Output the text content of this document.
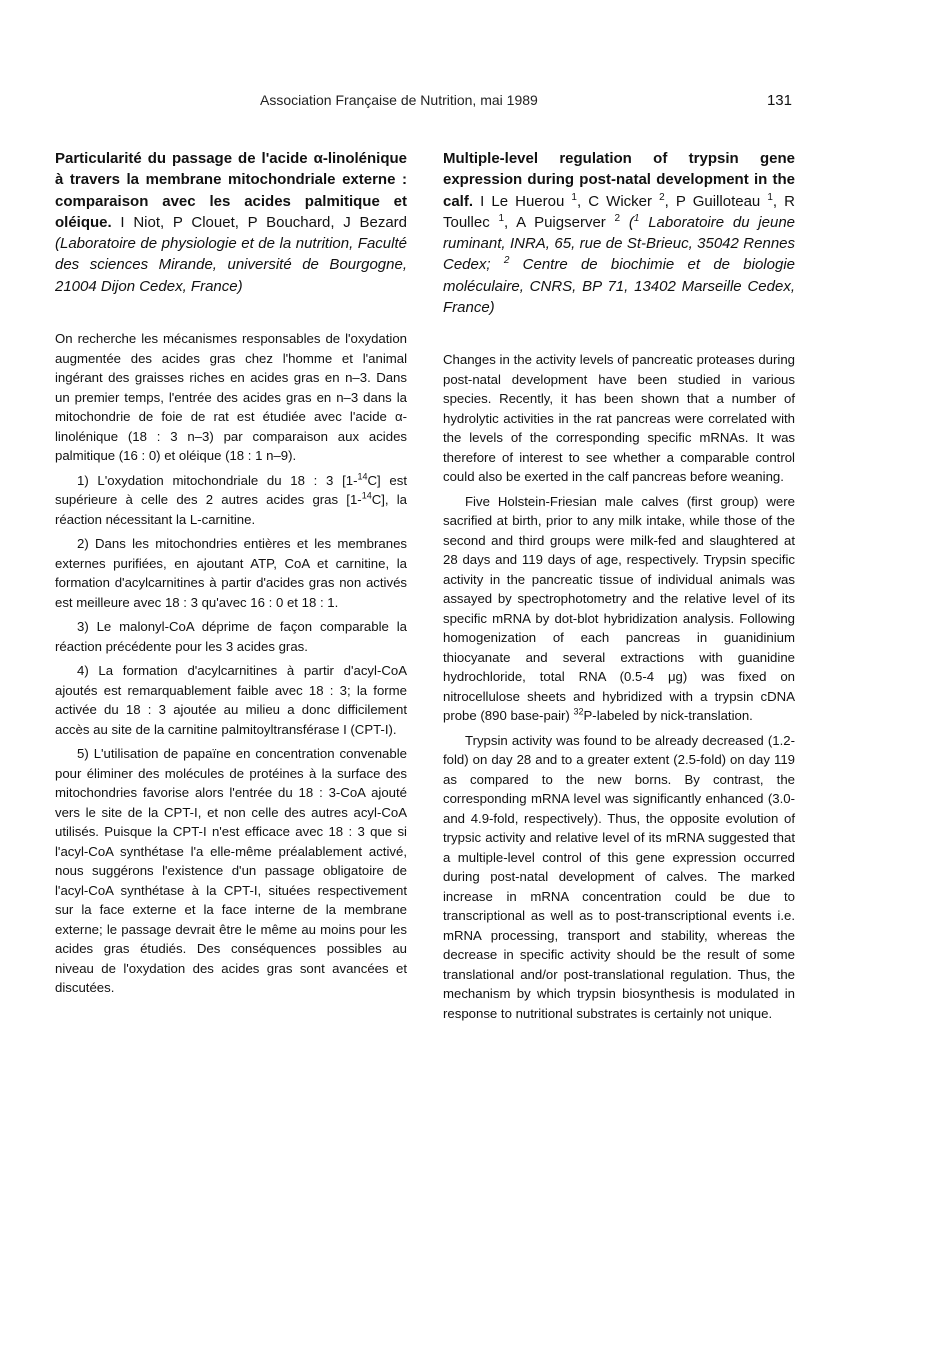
Association Française de Nutrition, mai 1989	131

Particularité du passage de l'acide α-linolénique à travers la membrane mitochondriale externe : comparaison avec les acides palmitique et oléique. I Niot, P Clouet, P Bouchard, J Bezard (Laboratoire de physiologie et de la nutrition, Faculté des sciences Mirande, université de Bourgogne, 21004 Dijon Cedex, France)

On recherche les mécanismes responsables de l'oxydation augmentée des acides gras chez l'homme et l'animal ingérant des graisses riches en acides gras en n–3. Dans un premier temps, l'entrée des acides gras en n–3 dans la mitochondrie de foie de rat est étudiée avec l'acide α-linolénique (18 : 3 n–3) par comparaison aux acides palmitique (16 : 0) et oléique (18 : 1 n–9).

1) L'oxydation mitochondriale du 18 : 3 [1-$^{14}$C] est supérieure à celle des 2 autres acides gras [1-$^{14}$C], la réaction nécessitant la L-carnitine.

2) Dans les mitochondries entières et les membranes externes purifiées, en ajoutant ATP, CoA et carnitine, la formation d'acylcarnitines à partir d'acides gras non activés est meilleure avec 18 : 3 qu'avec 16 : 0 et 18 : 1.

3) Le malonyl-CoA déprime de façon comparable la réaction précédente pour les 3 acides gras.

4) La formation d'acylcarnitines à partir d'acyl-CoA ajoutés est remarquablement faible avec 18 : 3; la forme activée du 18 : 3 ajoutée au milieu a donc difficilement accès au site de la carnitine palmitoyltransférase I (CPT-I).

5) L'utilisation de papaïne en concentration convenable pour éliminer des molécules de protéines à la surface des mitochondries favorise alors l'entrée du 18 : 3-CoA ajouté vers le site de la CPT-I, et non celle des autres acyl-CoA utilisés. Puisque la CPT-I n'est efficace avec 18 : 3 que si l'acyl-CoA synthétase l'a elle-même préalablement activé, nous suggérons l'existence d'un passage obligatoire de l'acyl-CoA synthétase à la CPT-I, situées respectivement sur la face externe et la face interne de la membrane externe; le passage devrait être le même au moins pour les acides gras étudiés. Des conséquences possibles au niveau de l'oxydation des acides gras sont avancées et discutées.

Multiple-level regulation of trypsin gene expression during post-natal development in the calf. I Le Huerou $^1$, C Wicker $^2$, P Guilloteau $^1$, R Toullec $^1$, A Puigserver $^2$ ($^1$ Laboratoire du jeune ruminant, INRA, 65, rue de St-Brieuc, 35042 Rennes Cedex; $^2$ Centre de biochimie et de biologie moléculaire, CNRS, BP 71, 13402 Marseille Cedex, France)

Changes in the activity levels of pancreatic proteases during post-natal development have been studied in various species. Recently, it has been shown that a number of hydrolytic activities in the rat pancreas were correlated with the levels of the corresponding specific mRNAs. It was therefore of interest to see whether a comparable control could also be exerted in the calf pancreas before weaning.

Five Holstein-Friesian male calves (first group) were sacrified at birth, prior to any milk intake, while those of the second and third groups were milk-fed and slaughtered at 28 days and 119 days of age, respectively. Trypsin specific activity in the pancreatic tissue of individual animals was assayed by spectrophotometry and the relative level of its specific mRNA by dot-blot hybridization analysis. Following homogenization of each pancreas in guanidinium thiocyanate and several extractions with guanidine hydrochloride, total RNA (0.5-4 μg) was fixed on nitrocellulose sheets and hybridized with a trypsin cDNA probe (890 base-pair) $^{32}$P-labeled by nick-translation.

Trypsin activity was found to be already decreased (1.2-fold) on day 28 and to a greater extent (2.5-fold) on day 119 as compared to the new borns. By contrast, the corresponding mRNA level was significantly enhanced (3.0- and 4.9-fold, respectively). Thus, the opposite evolution of trypsic activity and relative level of its mRNA suggested that a multiple-level control of this gene expression occurred during post-natal development of calves. The marked increase in mRNA concentration could be due to transcriptional as well as to post-transcriptional events i.e. mRNA processing, transport and stability, whereas the decrease in specific activity should be the result of some translational and/or post-translational regulation. Thus, the mechanism by which trypsin biosynthesis is modulated in response to nutritional substrates is certainly not unique.
